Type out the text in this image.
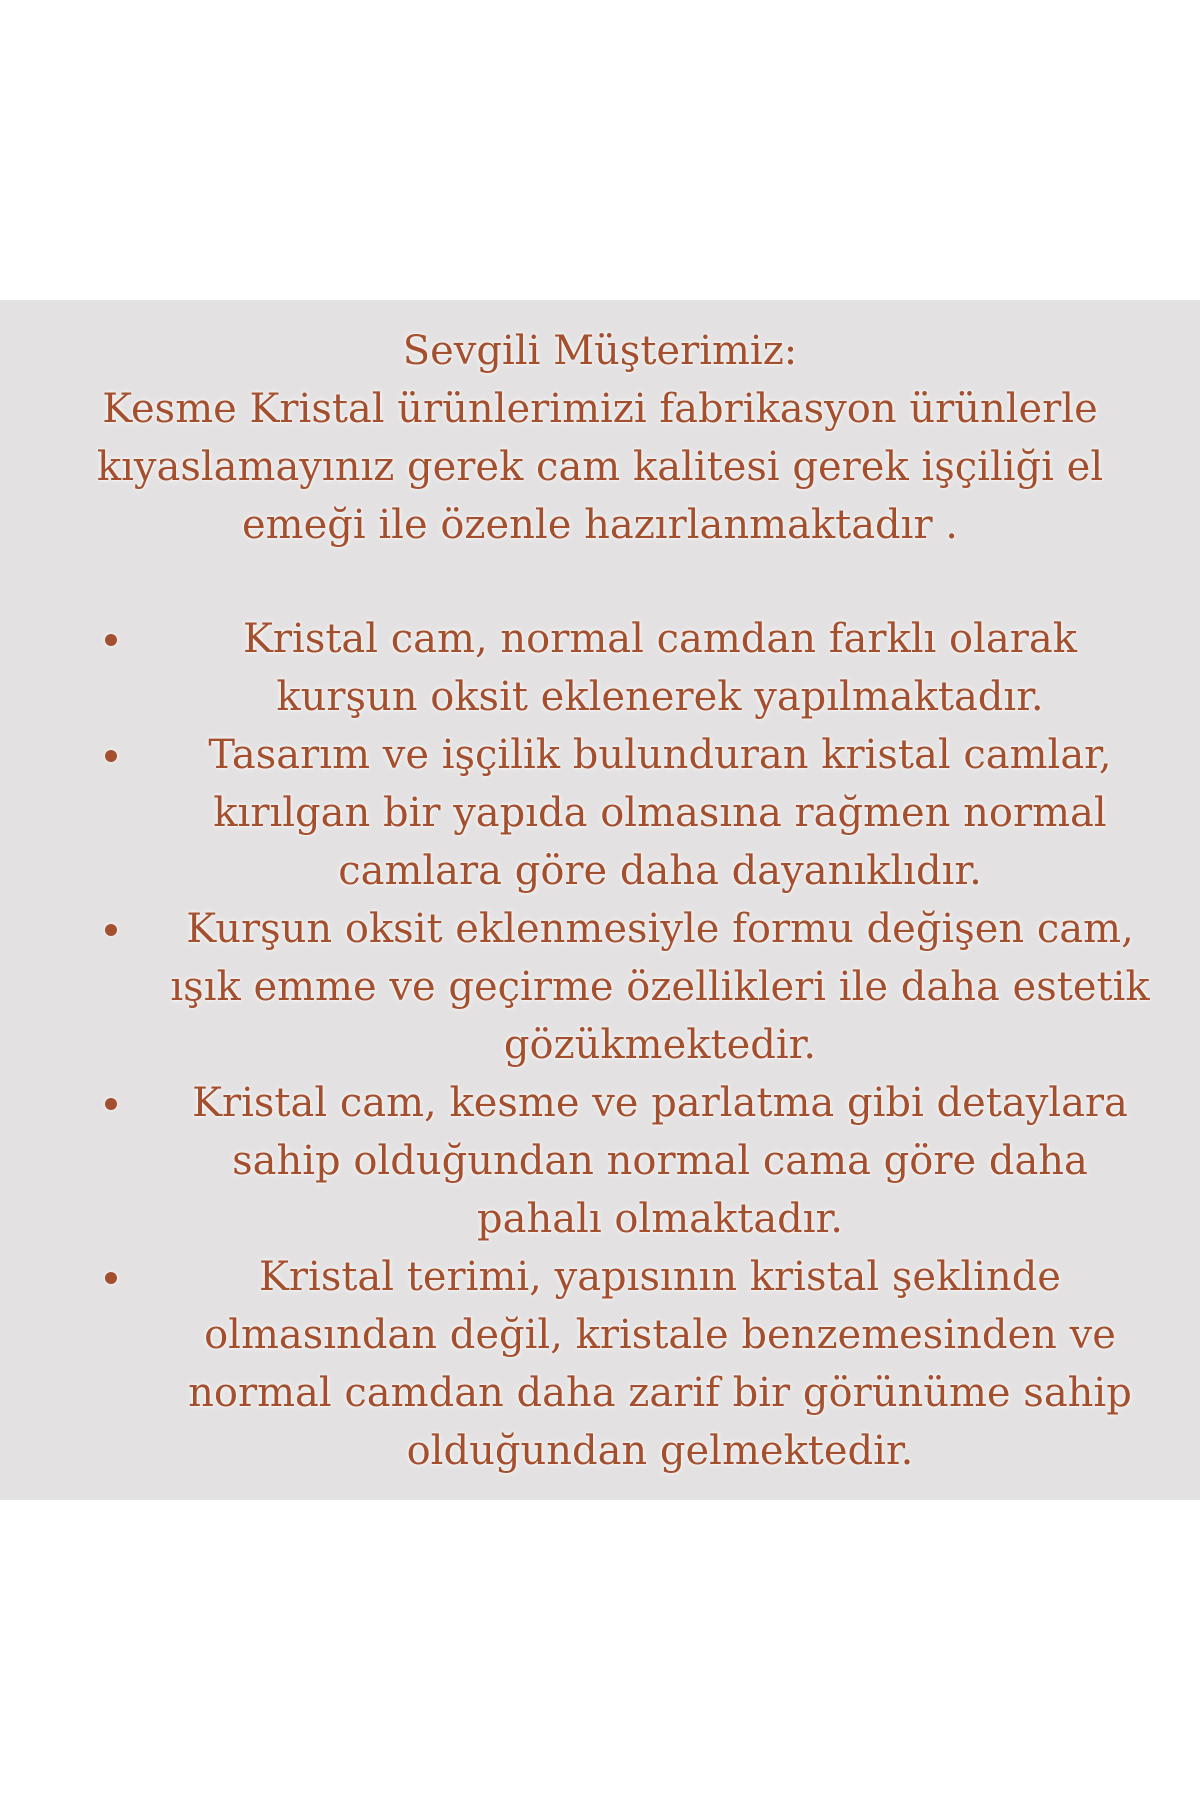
Sevgili Müşterimiz:
Kesme Kristal ürünlerimizi fabrikasyon ürünlerle
kıyaslamayınız gerek cam kalitesi gerek işçiliği el
emeği ile özenle hazırlanmaktadır .
Kristal cam, normal camdan farklı olarak
kurşun oksit eklenerek yapılmaktadır.
Tasarım ve işçilik bulunduran kristal camlar,
kırılgan bir yapıda olmasına rağmen normal
camlara göre daha dayanıklıdır.
Kurşun oksit eklenmesiyle formu değişen cam,
ışık emme ve geçirme özellikleri ile daha estetik
gözükmektedir.
Kristal cam, kesme ve parlatma gibi detaylara
sahip olduğundan normal cama göre daha
pahalı olmaktadır.
Kristal terimi, yapısının kristal şeklinde
olmasından değil, kristale benzemesinden ve
normal camdan daha zarif bir görünüme sahip
olduğundan gelmektedir.
